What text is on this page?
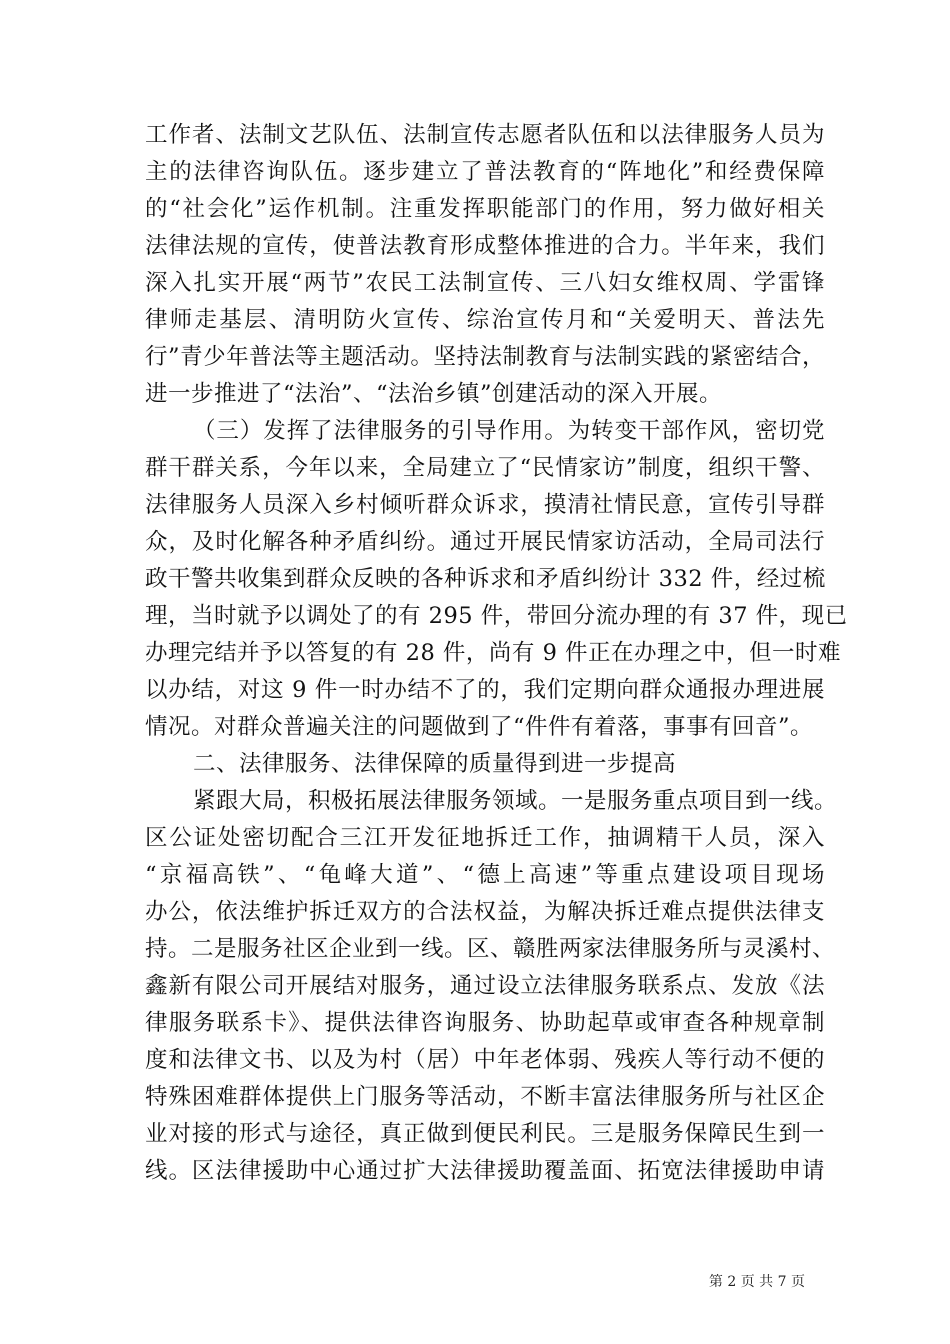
工作者、法制文艺队伍、法制宣传志愿者队伍和以法律服务人员为
主的法律咨询队伍。逐步建立了普法教育的“阵地化”和经费保障
的“社会化”运作机制。注重发挥职能部门的作用，努力做好相关
法律法规的宣传，使普法教育形成整体推进的合力。半年来，我们
深入扎实开展“两节”农民工法制宣传、三八妇女维权周、学雷锋
律师走基层、清明防火宣传、综治宣传月和“关爱明天、普法先
行”青少年普法等主题活动。坚持法制教育与法制实践的紧密结合，
进一步推进了“法治”、“法治乡镇”创建活动的深入开展。
（三）发挥了法律服务的引导作用。为转变干部作风，密切党
群干群关系，今年以来，全局建立了“民情家访”制度，组织干警、
法律服务人员深入乡村倾听群众诉求，摸清社情民意，宣传引导群
众，及时化解各种矛盾纠纷。通过开展民情家访活动，全局司法行
政干警共收集到群众反映的各种诉求和矛盾纠纷计 332 件，经过梳
理，当时就予以调处了的有 295 件，带回分流办理的有 37 件，现已
办理完结并予以答复的有 28 件，尚有 9 件正在办理之中，但一时难
以办结，对这 9 件一时办结不了的，我们定期向群众通报办理进展
情况。对群众普遍关注的问题做到了“件件有着落，事事有回音”。
二、法律服务、法律保障的质量得到进一步提高
紧跟大局，积极拓展法律服务领域。一是服务重点项目到一线。
区公证处密切配合三江开发征地拆迁工作，抽调精干人员，深入
“京福高铁”、“龟峰大道”、“德上高速”等重点建设项目现场
办公，依法维护拆迁双方的合法权益，为解决拆迁难点提供法律支
持。二是服务社区企业到一线。区、赣胜两家法律服务所与灵溪村、
鑫新有限公司开展结对服务，通过设立法律服务联系点、发放《法
律服务联系卡》、提供法律咨询服务、协助起草或审查各种规章制
度和法律文书、以及为村（居）中年老体弱、残疾人等行动不便的
特殊困难群体提供上门服务等活动，不断丰富法律服务所与社区企
业对接的形式与途径，真正做到便民利民。三是服务保障民生到一
线。区法律援助中心通过扩大法律援助覆盖面、拓宽法律援助申请
第 2 页 共 7 页
